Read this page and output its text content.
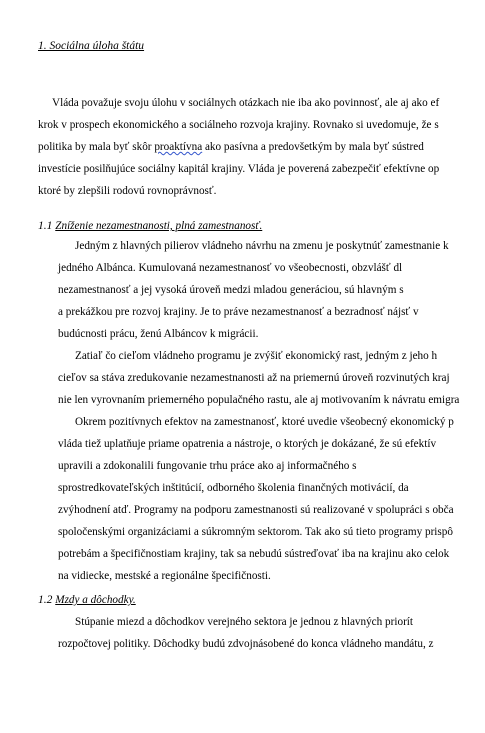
1. Sociálna úloha štátu
Vláda považuje svoju úlohu v sociálnych otázkach nie iba ako povinnosť, ale aj ako ef
krok v prospech ekonomického a sociálneho rozvoja krajiny. Rovnako si uvedomuje, že s
politika by mala byť skôr proaktívna ako pasívna a predovšetkým by mala byť sústred
investície posilňujúce sociálny kapitál krajiny. Vláda je poverená zabezpečiť efektívne op
ktoré by zlepšili rodovú rovnoprávnosť.
1.1 Zníženie nezamestnanosti, plná zamestnanosť.
Jedným z hlavných pilierov vládneho návrhu na zmenu je poskytnúť zamestnanie k
jedného Albánca. Kumulovaná nezamestnanosť vo všeobecnosti, obzvlášť dl
nezamestnanosť a jej vysoká úroveň medzi mladou generáciou, sú hlavným s
a prekážkou pre rozvoj krajiny. Je to práve nezamestnanosť a bezradnosť nájsť v
budúcnosti prácu, ženú Albáncov k migrácii.
Zatiaľ čo cieľom vládneho programu je zvýšiť ekonomický rast, jedným z jeho h
cieľov sa stáva zredukovanie nezamestnanosti až na priemernú úroveň rozvinutých kraj
nie len vyrovnaním priemerného populačného rastu, ale aj motivovaním k návratu emigra
Okrem pozitívnych efektov na zamestnanosť, ktoré uvedie všeobecný ekonomický p
vláda tiež uplatňuje priame opatrenia a nástroje, o ktorých je dokázané, že sú efektív
upravili a zdokonalili fungovanie trhu práce ako aj informačného s
sprostredkovateľských inštitúcií, odborného školenia finančných motivácií, da
zvýhodnení atď. Programy na podporu zamestnanosti sú realizované v spolupráci s obča
spoločenskými organizáciami a súkromným sektorom. Tak ako sú tieto programy prispô
potrebám a špecifičnostiam krajiny, tak sa nebudú sústreďovať iba na krajinu ako celok
na vidiecke, mestské a regionálne špecifičnosti.
1.2 Mzdy a dôchodky.
Stúpanie miezd a dôchodkov verejného sektora je jednou z hlavných priorít
rozpočtovej politiky. Dôchodky budú zdvojnásobené do konca vládneho mandátu, z
